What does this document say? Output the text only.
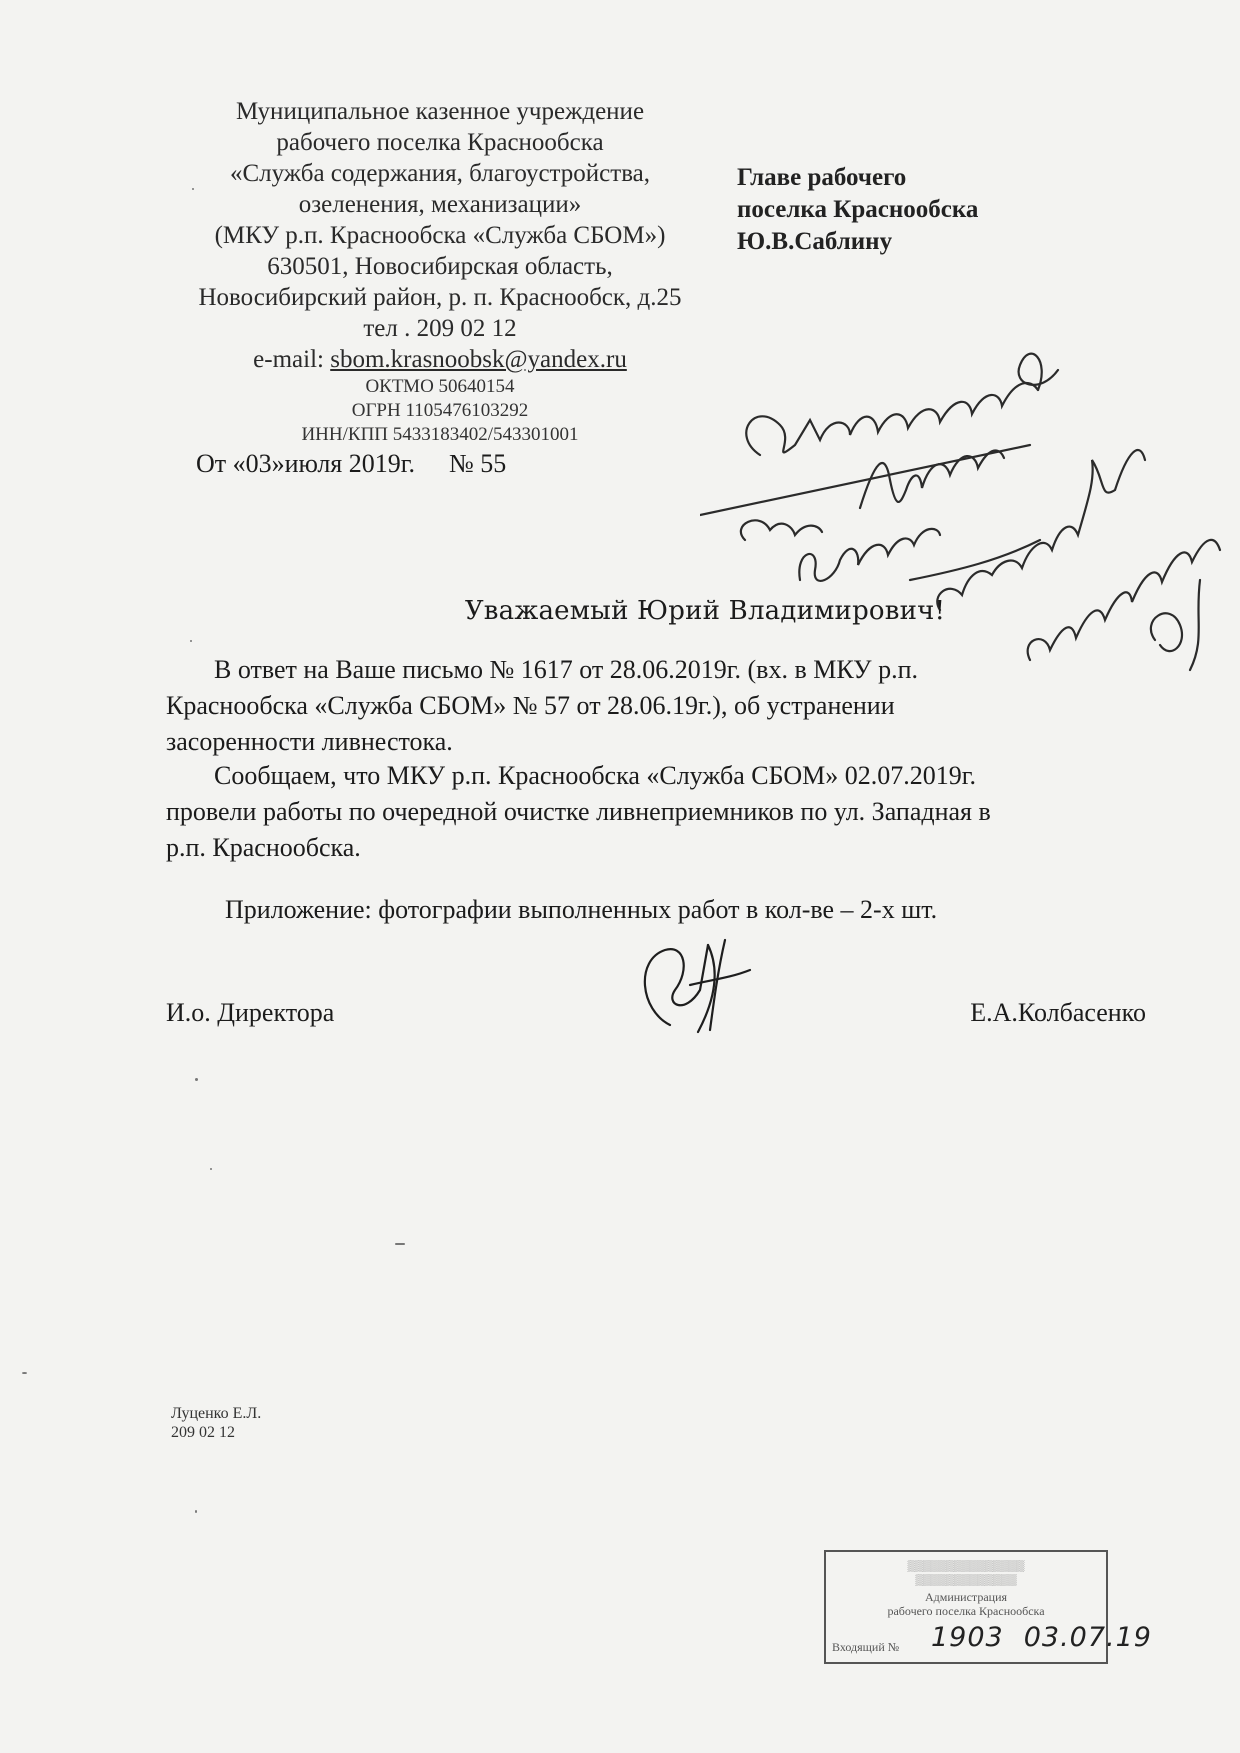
Муниципальное казенное учреждение
рабочего поселка Краснообска
«Служба содержания, благоустройства,
озеленения, механизации»
(МКУ р.п. Краснообска «Служба СБОМ»)
630501, Новосибирская область,
Новосибирский район, р. п. Краснообск, д.25
тел . 209 02 12
e-mail: sbom.krasnoobsk@yandex.ru
ОКТМО 50640154
ОГРН 1105476103292
ИНН/КПП 5433183402/543301001
От «03»июля 2019г. № 55
Главе рабочего
поселка Краснообска
Ю.В.Саблину
Уважаемый Юрий Владимирович!
В ответ на Ваше письмо № 1617 от 28.06.2019г. (вх. в МКУ р.п.
Краснообска «Служба СБОМ» № 57 от 28.06.19г.), об устранении
засоренности ливнестока.
Сообщаем, что МКУ р.п. Краснообска «Служба СБОМ» 02.07.2019г.
провели работы по очередной очистке ливнеприемников по ул. Западная в
р.п. Краснообска.
Приложение: фотографии выполненных работ в кол-ве – 2-х шт.
И.о. Директора	Е.А.Колбасенко
Луценко Е.Л.
209 02 12
▒▒▒▒▒▒▒▒▒▒▒▒▒▒▒
▒▒▒▒▒▒▒▒▒▒▒▒▒
Администрация
рабочего поселка Краснообска
Входящий № 1903 03.07.19
